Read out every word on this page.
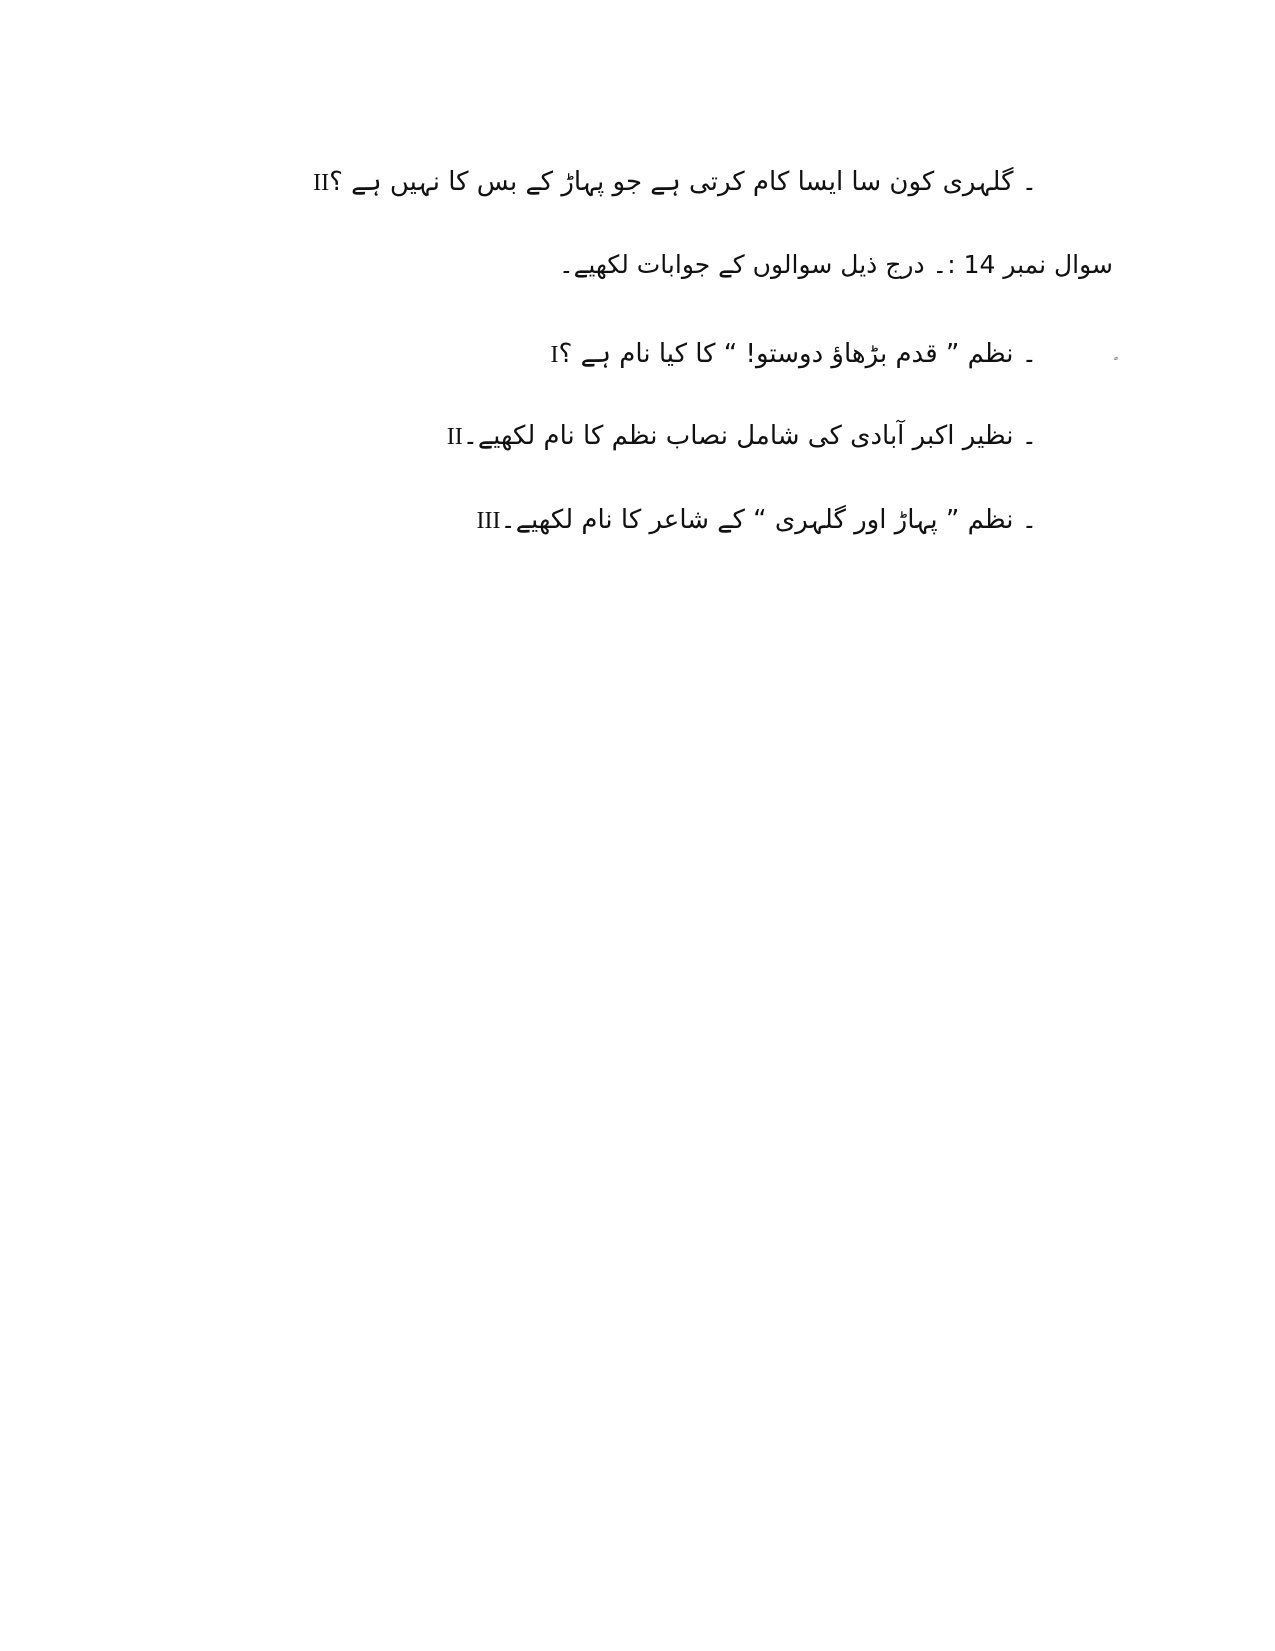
II۔ گلہری کون سا ایسا کام کرتی ہے جو پہاڑ کے بس کا نہیں ہے ؟
سوال نمبر 14 :۔ درج ذیل سوالوں کے جوابات لکھیے۔
I۔ نظم ” قدم بڑھاؤ دوستو! “ کا کیا نام ہے ؟
II۔ نظیر اکبر آبادی کی شامل نصاب نظم کا نام لکھیے۔
III۔ نظم ” پہاڑ اور گلہری “ کے شاعر کا نام لکھیے۔
